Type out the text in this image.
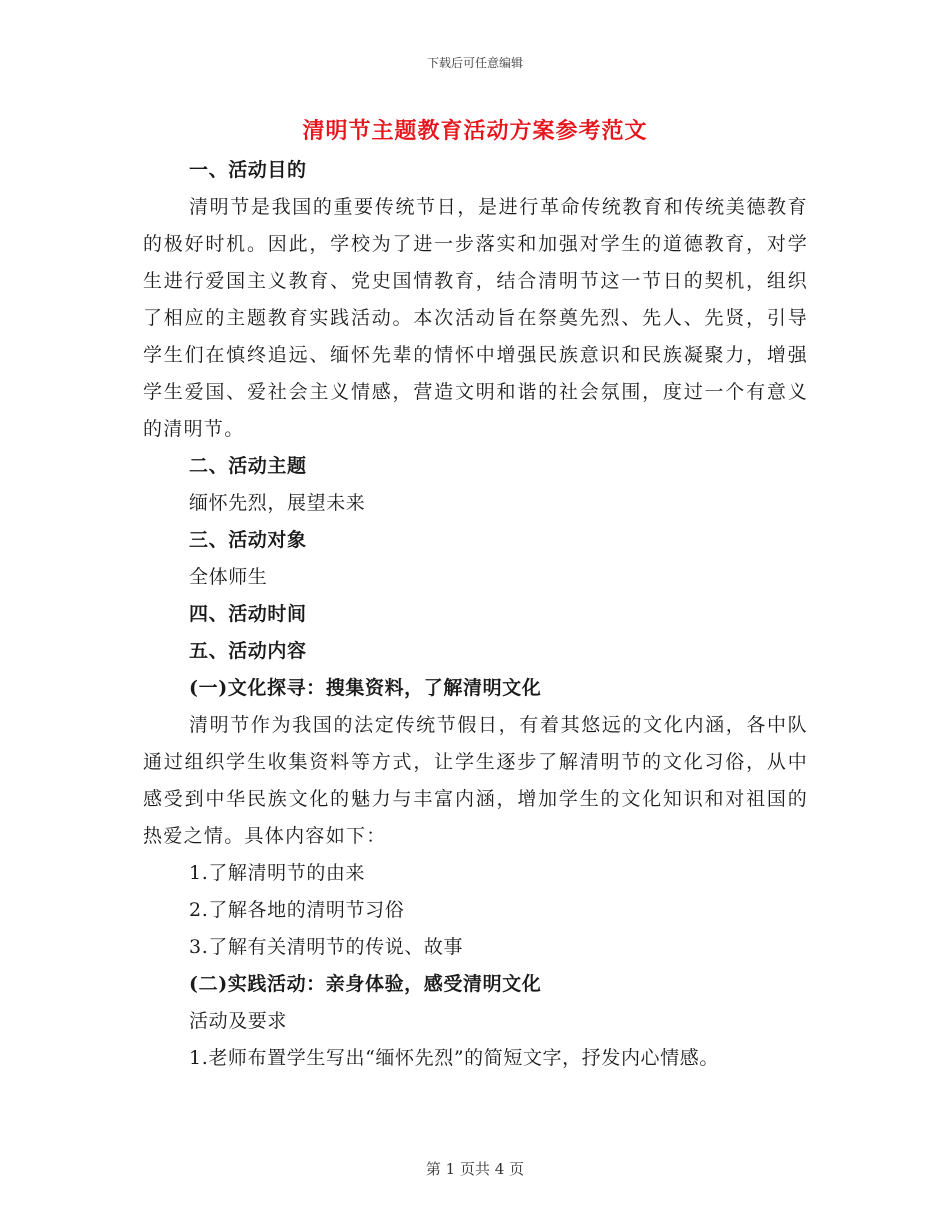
下载后可任意编辑
清明节主题教育活动方案参考范文
一、活动目的
清明节是我国的重要传统节日，是进行革命传统教育和传统美德教育的极好时机。因此，学校为了进一步落实和加强对学生的道德教育，对学生进行爱国主义教育、党史国情教育，结合清明节这一节日的契机，组织了相应的主题教育实践活动。本次活动旨在祭奠先烈、先人、先贤，引导学生们在慎终追远、缅怀先辈的情怀中增强民族意识和民族凝聚力，增强学生爱国、爱社会主义情感，营造文明和谐的社会氛围，度过一个有意义的清明节。
二、活动主题
缅怀先烈，展望未来
三、活动对象
全体师生
四、活动时间
五、活动内容
(一)文化探寻：搜集资料，了解清明文化
清明节作为我国的法定传统节假日，有着其悠远的文化内涵，各中队通过组织学生收集资料等方式，让学生逐步了解清明节的文化习俗，从中感受到中华民族文化的魅力与丰富内涵，增加学生的文化知识和对祖国的热爱之情。具体内容如下：
1.了解清明节的由来
2.了解各地的清明节习俗
3.了解有关清明节的传说、故事
(二)实践活动：亲身体验，感受清明文化
活动及要求
1.老师布置学生写出“缅怀先烈”的简短文字，抒发内心情感。
第 1 页共 4 页
